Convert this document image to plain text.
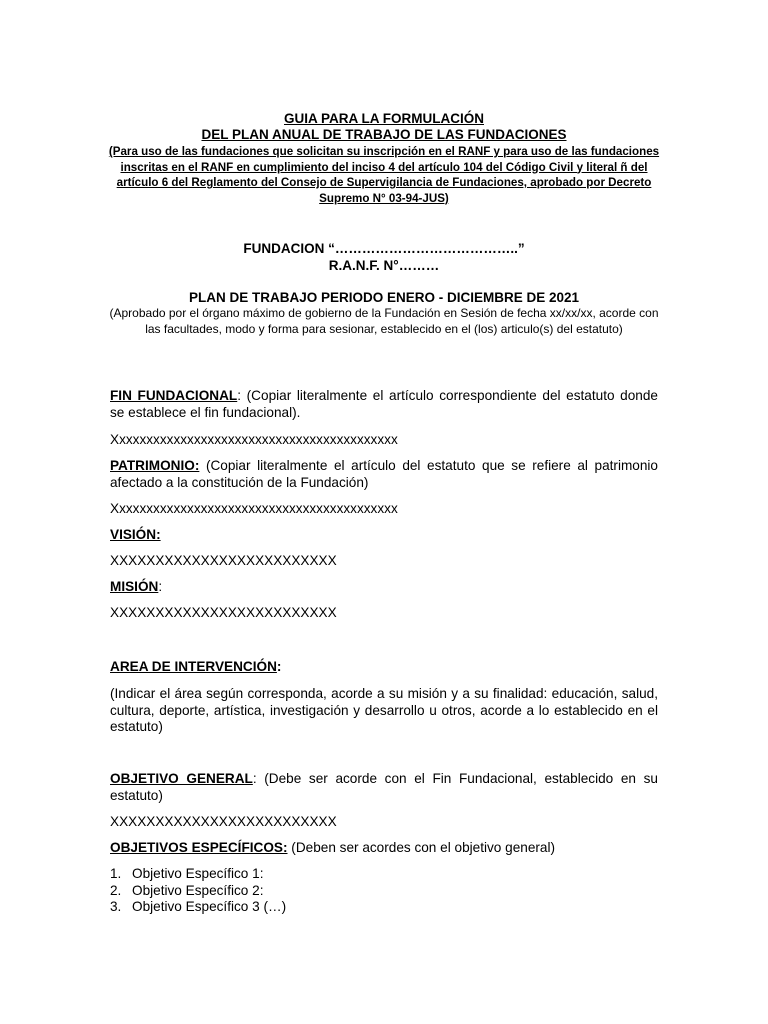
GUIA PARA LA FORMULACIÓN
DEL PLAN ANUAL DE TRABAJO DE LAS FUNDACIONES
(Para uso de las fundaciones que solicitan su inscripción en el RANF y para uso de las fundaciones inscritas en el RANF en cumplimiento del inciso 4 del artículo 104 del Código Civil y literal ñ del artículo 6 del Reglamento del Consejo de Supervigilancia de Fundaciones, aprobado por Decreto Supremo N° 03-94-JUS)
FUNDACION “…………………………………..”
R.A.N.F. N°………
PLAN DE TRABAJO PERIODO ENERO - DICIEMBRE DE 2021
(Aprobado por el órgano máximo de gobierno de la Fundación en Sesión de fecha xx/xx/xx, acorde con las facultades, modo y forma para sesionar, establecido en el (los) articulo(s) del estatuto)
FIN FUNDACIONAL: (Copiar literalmente el artículo correspondiente del estatuto donde se establece el fin fundacional).
Xxxxxxxxxxxxxxxxxxxxxxxxxxxxxxxxxxxxxxxxxx
PATRIMONIO: (Copiar literalmente el artículo del estatuto que se refiere al patrimonio afectado a la constitución de la Fundación)
Xxxxxxxxxxxxxxxxxxxxxxxxxxxxxxxxxxxxxxxxxx
VISIÓN:
XXXXXXXXXXXXXXXXXXXXXXXXX
MISIÓN:
XXXXXXXXXXXXXXXXXXXXXXXXX
AREA DE INTERVENCIÓN:
(Indicar el área según corresponda, acorde a su misión y a su finalidad: educación, salud, cultura, deporte, artística, investigación y desarrollo u otros, acorde a lo establecido en el estatuto)
OBJETIVO GENERAL: (Debe ser acorde con el Fin Fundacional, establecido en su estatuto)
XXXXXXXXXXXXXXXXXXXXXXXXX
OBJETIVOS ESPECÍFICOS: (Deben ser acordes con el objetivo general)
1. Objetivo Específico 1:
2. Objetivo Específico 2:
3. Objetivo Específico 3 (…)
